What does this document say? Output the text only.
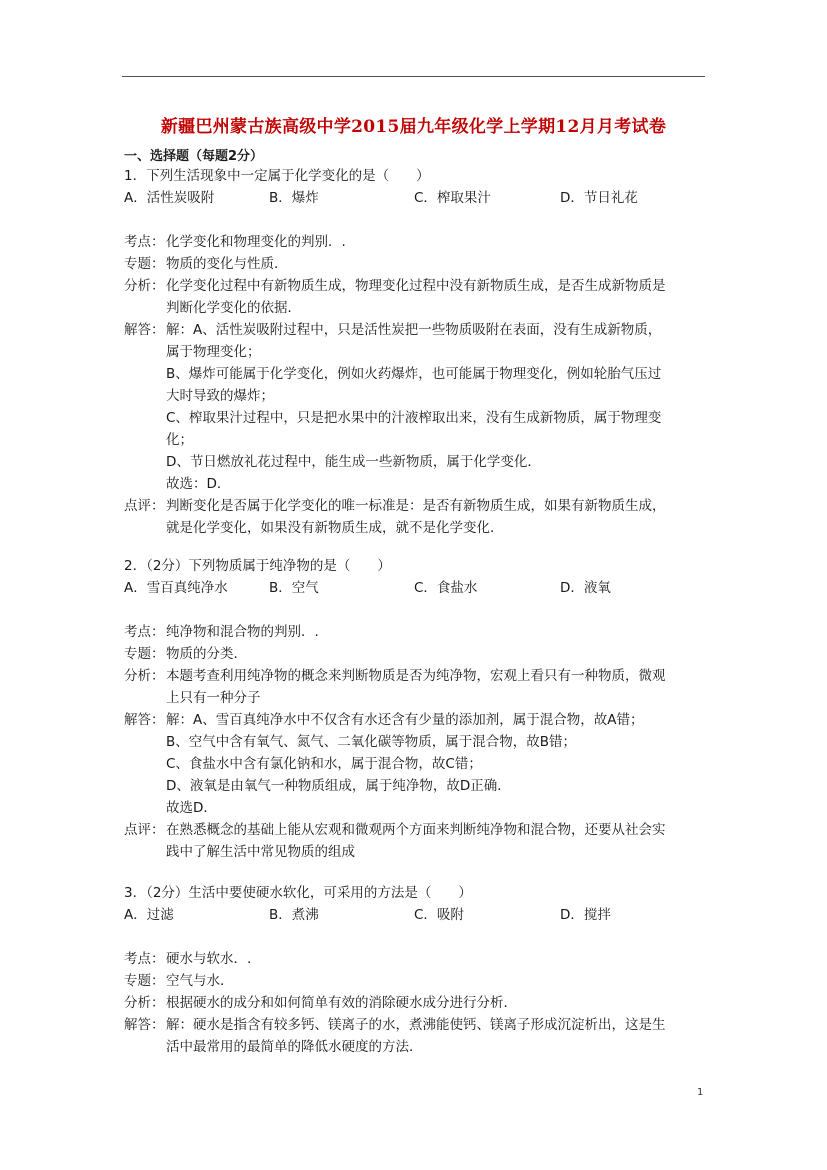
新疆巴州蒙古族高级中学2015届九年级化学上学期12月月考试卷
一、选择题（每题2分）
1．下列生活现象中一定属于化学变化的是（　　）
A．活性炭吸附	B．爆炸	C．榨取果汁	D．节日礼花
考点： 化学变化和物理变化的判别．.
专题： 物质的变化与性质．
分析： 化学变化过程中有新物质生成，物理变化过程中没有新物质生成，是否生成新物质是
判断化学变化的依据．
解答： 解：A、活性炭吸附过程中，只是活性炭把一些物质吸附在表面，没有生成新物质，
属于物理变化；
B、爆炸可能属于化学变化，例如火药爆炸，也可能属于物理变化，例如轮胎气压过
大时导致的爆炸；
C、榨取果汁过程中，只是把水果中的汁液榨取出来，没有生成新物质，属于物理变
化；
D、节日燃放礼花过程中，能生成一些新物质，属于化学变化．
故选：D．
点评： 判断变化是否属于化学变化的唯一标准是：是否有新物质生成，如果有新物质生成，
就是化学变化，如果没有新物质生成，就不是化学变化．
2．（2分）下列物质属于纯净物的是（　　）
A．雪百真纯净水	B．空气	C．食盐水	D．液氧
考点： 纯净物和混合物的判别．.
专题： 物质的分类．
分析： 本题考查利用纯净物的概念来判断物质是否为纯净物，宏观上看只有一种物质，微观
上只有一种分子
解答： 解：A、雪百真纯净水中不仅含有水还含有少量的添加剂，属于混合物，故A错；
B、空气中含有氧气、氮气、二氧化碳等物质，属于混合物，故B错；
C、食盐水中含有氯化钠和水，属于混合物，故C错；
D、液氧是由氧气一种物质组成，属于纯净物，故D正确．
故选D．
点评： 在熟悉概念的基础上能从宏观和微观两个方面来判断纯净物和混合物，还要从社会实
践中了解生活中常见物质的组成
3．（2分）生活中要使硬水软化，可采用的方法是（　　）
A．过滤	B．煮沸	C．吸附	D．搅拌
考点： 硬水与软水．.
专题： 空气与水．
分析： 根据硬水的成分和如何简单有效的消除硬水成分进行分析．
解答： 解：硬水是指含有较多钙、镁离子的水，煮沸能使钙、镁离子形成沉淀析出，这是生
活中最常用的最简单的降低水硬度的方法．
1
